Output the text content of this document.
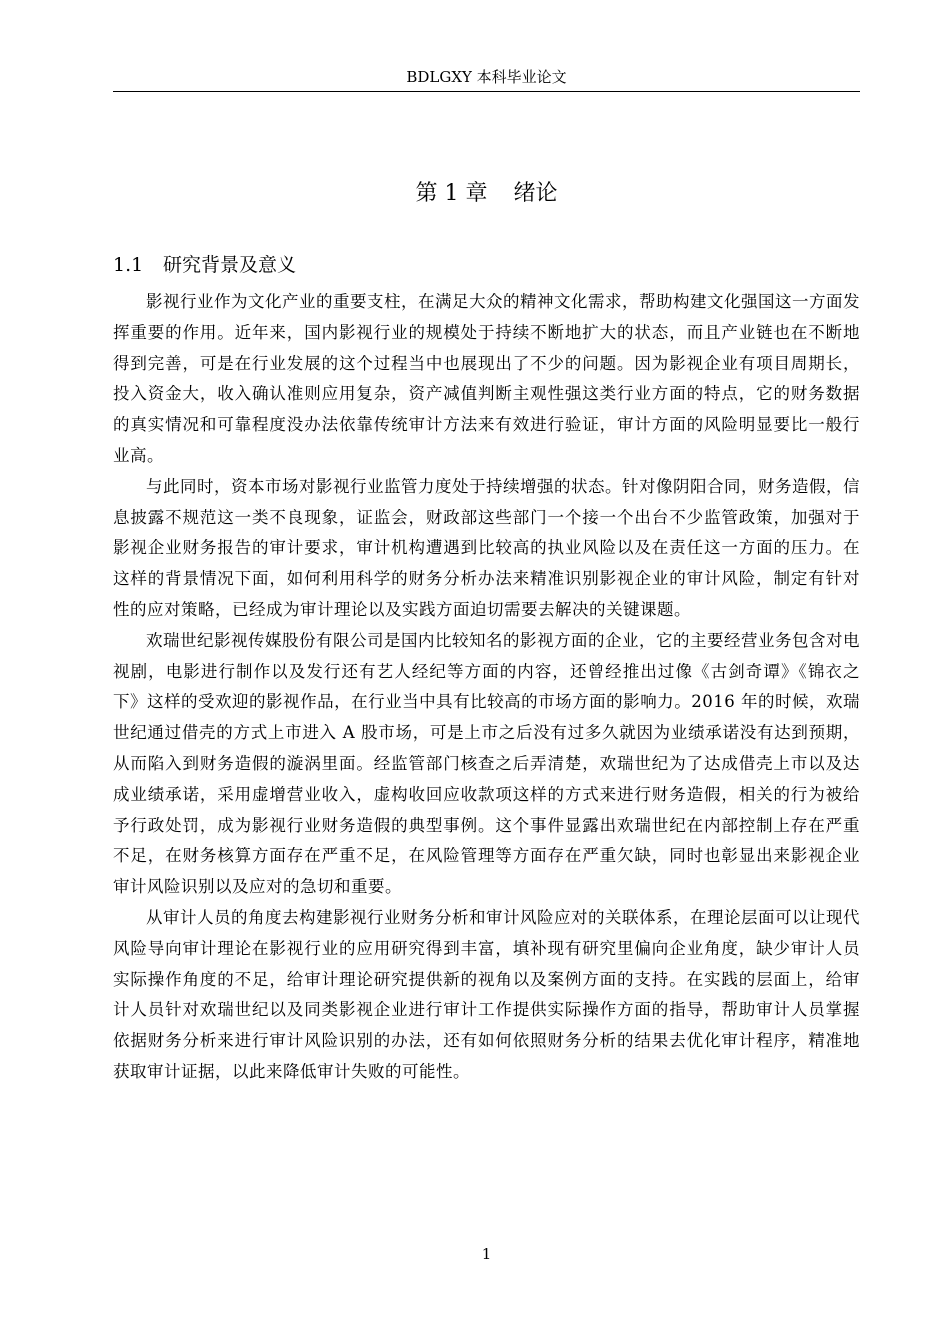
BDLGXY 本科毕业论文
第 1 章 绪论
1.1 研究背景及意义

影视行业作为文化产业的重要支柱，在满足大众的精神文化需求，帮助构建文化强国这一方面发挥重要的作用。近年来，国内影视行业的规模处于持续不断地扩大的状态，而且产业链也在不断地得到完善，可是在行业发展的这个过程当中也展现出了不少的问题。因为影视企业有项目周期长，投入资金大，收入确认准则应用复杂，资产减值判断主观性强这类行业方面的特点，它的财务数据的真实情况和可靠程度没办法依靠传统审计方法来有效进行验证，审计方面的风险明显要比一般行业高。

与此同时，资本市场对影视行业监管力度处于持续增强的状态。针对像阴阳合同，财务造假，信息披露不规范这一类不良现象，证监会，财政部这些部门一个接一个出台不少监管政策，加强对于影视企业财务报告的审计要求，审计机构遭遇到比较高的执业风险以及在责任这一方面的压力。在这样的背景情况下面，如何利用科学的财务分析办法来精准识别影视企业的审计风险，制定有针对性的应对策略，已经成为审计理论以及实践方面迫切需要去解决的关键课题。

欢瑞世纪影视传媒股份有限公司是国内比较知名的影视方面的企业，它的主要经营业务包含对电视剧，电影进行制作以及发行还有艺人经纪等方面的内容，还曾经推出过像《古剑奇谭》《锦衣之下》这样的受欢迎的影视作品，在行业当中具有比较高的市场方面的影响力。2016 年的时候，欢瑞世纪通过借壳的方式上市进入 A 股市场，可是上市之后没有过多久就因为业绩承诺没有达到预期，从而陷入到财务造假的漩涡里面。经监管部门核查之后弄清楚，欢瑞世纪为了达成借壳上市以及达成业绩承诺，采用虚增营业收入，虚构收回应收款项这样的方式来进行财务造假，相关的行为被给予行政处罚，成为影视行业财务造假的典型事例。这个事件显露出欢瑞世纪在内部控制上存在严重不足，在财务核算方面存在严重不足，在风险管理等方面存在严重欠缺，同时也彰显出来影视企业审计风险识别以及应对的急切和重要。

从审计人员的角度去构建影视行业财务分析和审计风险应对的关联体系，在理论层面可以让现代风险导向审计理论在影视行业的应用研究得到丰富，填补现有研究里偏向企业角度，缺少审计人员实际操作角度的不足，给审计理论研究提供新的视角以及案例方面的支持。在实践的层面上，给审计人员针对欢瑞世纪以及同类影视企业进行审计工作提供实际操作方面的指导，帮助审计人员掌握依据财务分析来进行审计风险识别的办法，还有如何依照财务分析的结果去优化审计程序，精准地获取审计证据，以此来降低审计失败的可能性。

1
